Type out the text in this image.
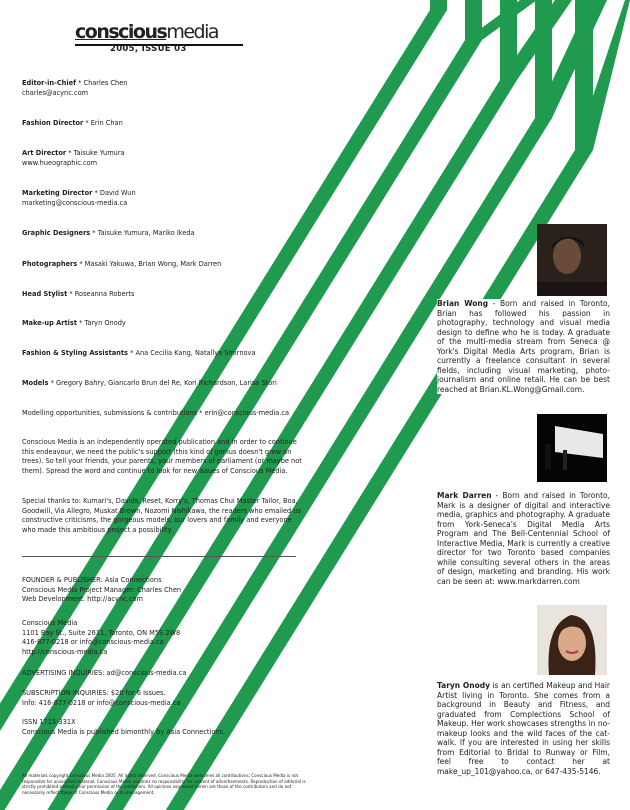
consciousmedia
2005, ISSUE 03
Editor-in-Chief * Charles Chen
charles@acync.com
Fashion Director * Erin Chan
Art Director * Taisuke Yumura
www.hueographic.com
Marketing Director * David Wun
marketing@conscious-media.ca
Graphic Designers * Taisuke Yumura, Mariko Ikeda
Photographers * Masaki Yakuwa, Brian Wong, Mark Darren
Head Stylist * Roseanna Roberts
Make-up Artist * Taryn Onody
Fashion & Styling Assistants * Ana Cecilia Kang, Natallya Smirnova
Models * Gregory Bahry, Giancarlo Brun del Re, Kori Richardson, Larisa Stori
Modelling opportunities, submissions & contributions * erin@conscious-media.ca
Conscious Media is an independently operated publication and in order to continue this endeavour, we need the public's support (this kind of genius doesn't grow on trees). So tell your friends, your parents, your members of parliament (or maybe not them). Spread the word and continue to look for new issues of Conscious Media.
Special thanks to: Kumari's, Davids, Reset, Korry's, Thomas Chui Master Tailor, Boa, Goodwill, Via Allegro, Muskat Brown, Nozomi Nishikawa, the readers who emailed us constructive criticisms, the gorgeous models, our lovers and family and everyone who made this ambitious project a possibility.
FOUNDER & PUBLISHER: Asia Connections
Conscious Media Project Manager: Charles Chen
Web Development: http://acync.com
Conscious Media
1101 Bay St., Suite 2611, Toronto, ON M5S 2W8
416-877-0218 or info@conscious-media.ca
http://conscious-media.ca
ADVERTISING INQUIRIES: ad@conscious-media.ca
SUBSCRIPTION INQUIRIES: $20 for 6 issues.
Info: 416-877-0218 or info@conscious-media.ca
ISSN 1715-331X
Conscious Media is published bimonthly by Asia Connections.
All materials copyright Conscious Media 2005. All rights reserved. Conscious Media welcomes all contributions; Conscious Media is not responsible for unsolicited material. Conscious Media assumes no responsibility for content of advertisements. Reproduction of editorial is strictly prohibited without prior permission of the publishers. All opinions expressed herein are those of the contributors and do not necessarily reflect those of Conscious Media or its management.
Brian Wong - Born and raised in Toronto, Brian has followed his passion in photography, technology and visual media design to define who he is today. A graduate of the multi-media stream from Seneca @ York's Digital Media Arts program, Brian is currently a freelance consultant in several fields, including visual marketing, photo-journalism and online retail. He can be best reached at Brian.KL.Wong@Gmail.com.
Mark Darren - Born and raised in Toronto, Mark is a designer of digital and interactive media, graphics and photography. A graduate from York-Seneca's Digital Media Arts Program and The Bell-Centennial School of Interactive Media, Mark is currently a creative director for two Toronto based companies while consulting several others in the areas of design, marketing and branding. His work can be seen at: www.markdarren.com
Taryn Onody is an certified Makeup and Hair Artist living in Toronto. She comes from a background in Beauty and Fitness, and graduated from Complections School of Makeup. Her work showcases strengths in no-makeup looks and the wild faces of the cat-walk. If you are interested in using her skills from Editorial to Bridal to Runway or Film, feel free to contact her at make_up_101@yahoo.ca, or 647-435-5146.
